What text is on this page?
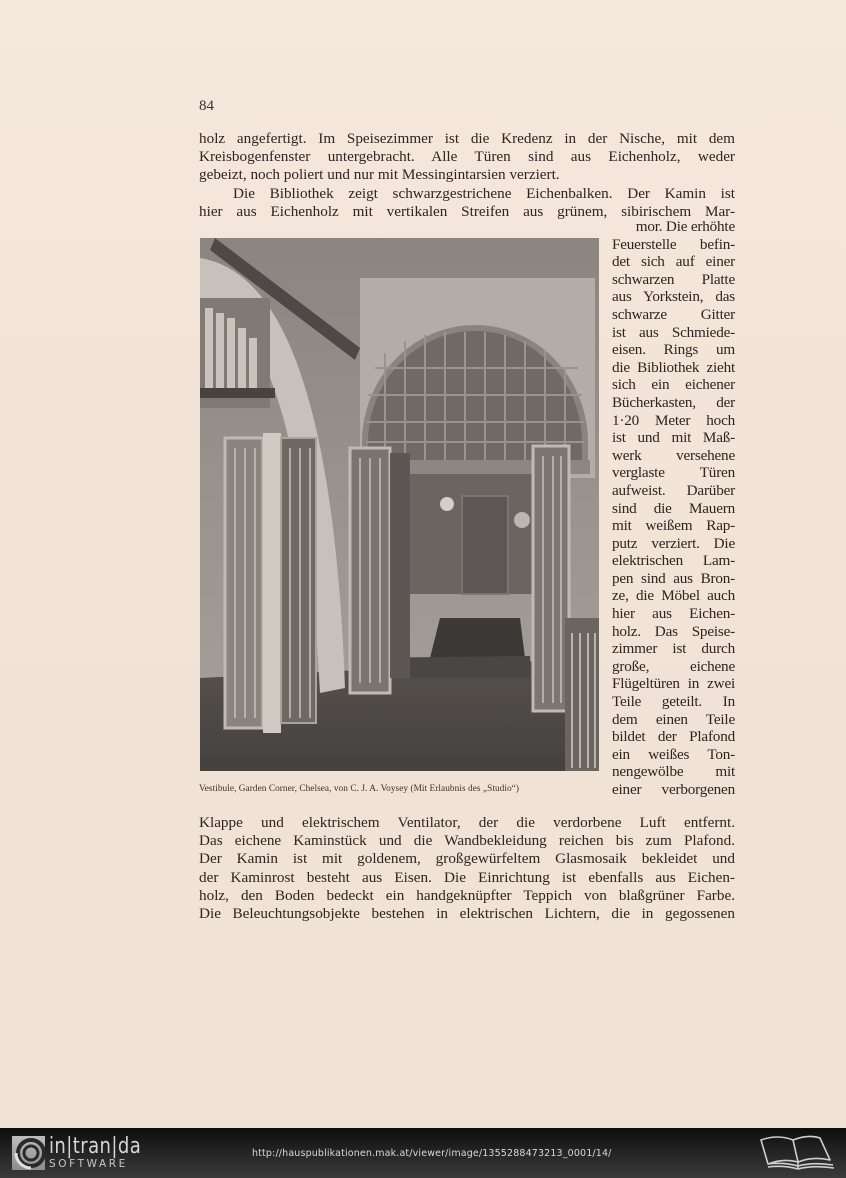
84

holz angefertigt. Im Speisezimmer ist die Kredenz in der Nische, mit dem
Kreisbogenfenster untergebracht. Alle Türen sind aus Eichenholz, weder
gebeizt, noch poliert und nur mit Messingintarsien verziert.

Die Bibliothek zeigt schwarzgestrichene Eichenbalken. Der Kamin ist
hier aus Eichenholz mit vertikalen Streifen aus grünem, sibirischem Mar-

mor. Die erhöhte
Feuerstelle befin-
det sich auf einer
schwarzen Platte
aus Yorkstein, das
schwarze Gitter
ist aus Schmiede-
eisen. Rings um
die Bibliothek zieht
sich ein eichener
Bücherkasten, der
1·20 Meter hoch
ist und mit Maß-
werk versehene
verglaste Türen
aufweist. Darüber
sind die Mauern
mit weißem Rap-
putz verziert. Die
elektrischen Lam-
pen sind aus Bron-
ze, die Möbel auch
hier aus Eichen-
holz. Das Speise-
zimmer ist durch
große, eichene
Flügeltüren in zwei
Teile geteilt. In
dem einen Teile
bildet der Plafond
ein weißes Ton-
nengewölbe mit
einer verborgenen
Vestibule, Garden Corner, Chelsea, von C. J. A. Voysey (Mit Erlaubnis des „Studio“)

Klappe und elektrischem Ventilator, der die verdorbene Luft entfernt.
Das eichene Kaminstück und die Wandbekleidung reichen bis zum Plafond.
Der Kamin ist mit goldenem, großgewürfeltem Glasmosaik bekleidet und
der Kaminrost besteht aus Eisen. Die Einrichtung ist ebenfalls aus Eichen-
holz, den Boden bedeckt ein handgeknüpfter Teppich von blaßgrüner Farbe.
Die Beleuchtungsobjekte bestehen in elektrischen Lichtern, die in gegossenen

in|tran|da
SOFTWARE
http://hauspublikationen.mak.at/viewer/image/1355288473213_0001/14/
